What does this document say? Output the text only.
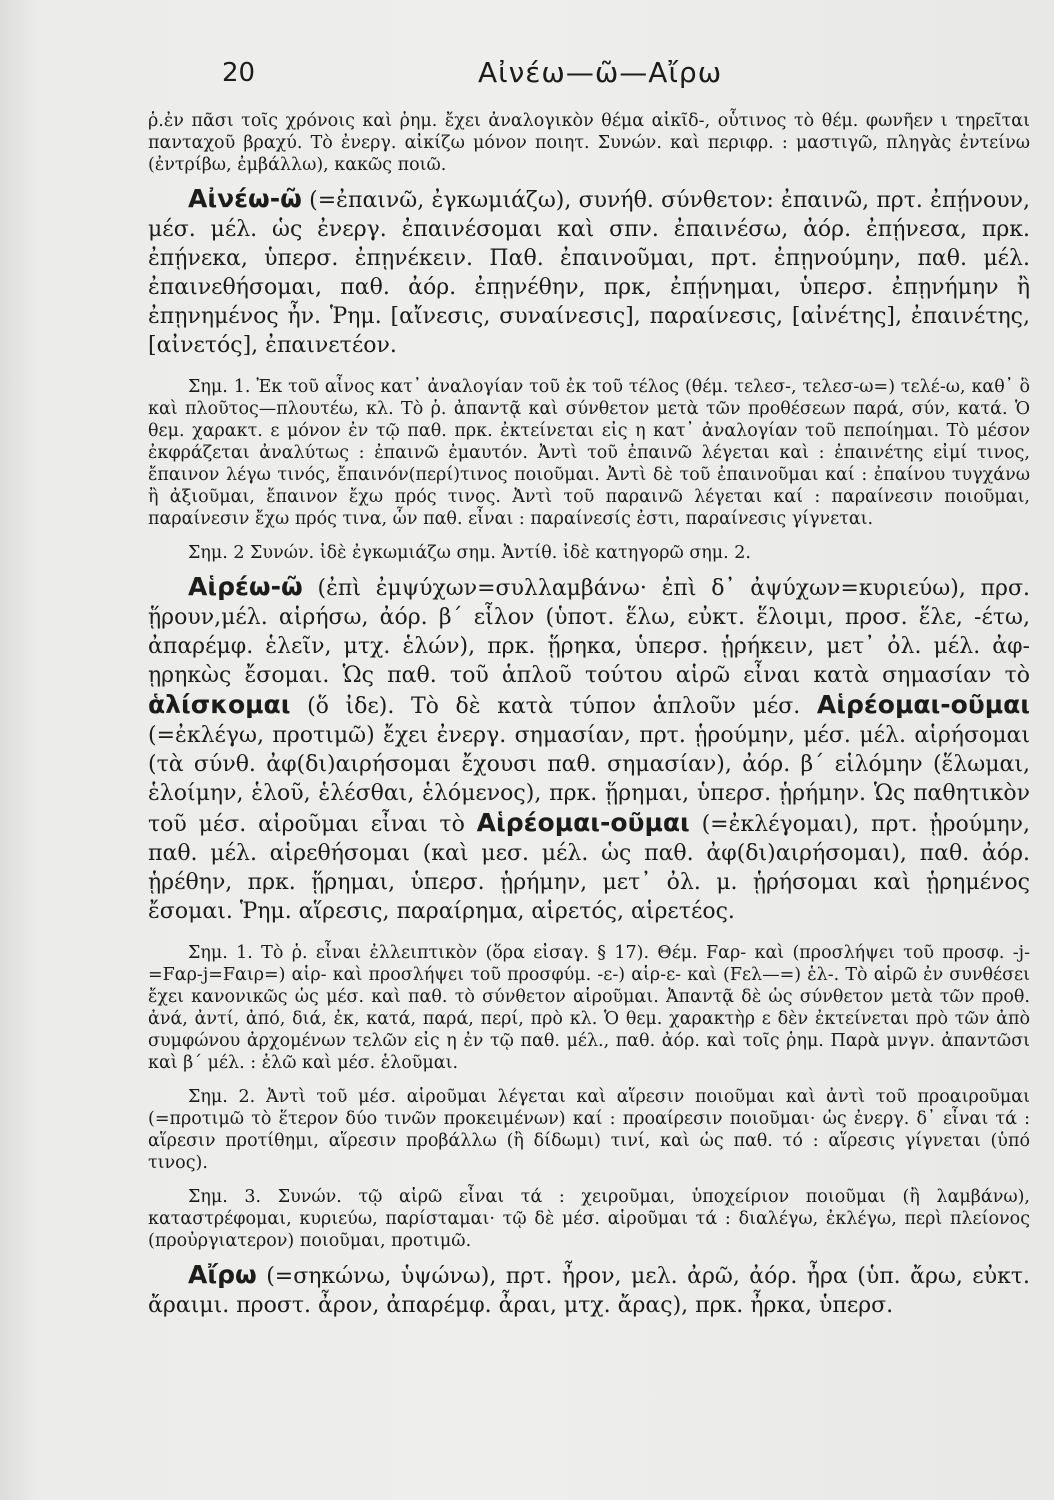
20	Αἰνέω—ῶ—Αἴρω

ῥ.ἐν πᾶσι τοῖς χρόνοις καὶ ῥημ. ἔχει ἀναλογικὸν θέμα αἰκῖδ-, οὗτινος τὸ θέμ. φωνῆεν ι τηρεῖται πανταχοῦ βραχύ. Τὸ ἐνεργ. αἰκίζω μόνον ποιητ. Συνών. καὶ περιφρ. : μαστιγῶ, πληγὰς ἐντείνω (ἐντρίβω, ἐμβάλλω), κακῶς ποιῶ.

Αἰνέω-ῶ (=ἐπαινῶ, ἐγκωμιάζω), συνήθ. σύνθετον: ἐπαινῶ, πρτ. ἐπῄνουν, μέσ. μέλ. ὡς ἐνεργ. ἐπαινέσομαι καὶ σπν. ἐπαινέσω, ἀόρ. ἐπῄνεσα, πρκ. ἐπῄνεκα, ὑπερσ. ἐπῃνέκειν. Παθ. ἐπαινοῦμαι, πρτ. ἐπῃνούμην, παθ. μέλ. ἐπαινεθήσομαι, παθ. ἀόρ. ἐπῃνέθην, πρκ, ἐπῄνημαι, ὑπερσ. ἐπῃνήμην ἢ ἐπῃνημένος ἦν. Ῥημ. [αἴνεσις, συναίνεσις], παραίνεσις, [αἰνέτης], ἐπαινέτης, [αἰνετός], ἐπαινετέον.

Σημ. 1. Ἐκ τοῦ αἶνος κατ᾽ ἀναλογίαν τοῦ ἐκ τοῦ τέλος (θέμ. τελεσ-, τελεσ-ω=) τελέ-ω, καθ᾽ ὃ καὶ πλοῦτος—πλουτέω, κλ. Τὸ ῥ. ἀπαντᾷ καὶ σύνθετον μετὰ τῶν προθέσεων παρά, σύν, κατά. Ὁ θεμ. χαρακτ. ε μόνον ἐν τῷ παθ. πρκ. ἐκτείνεται εἰς η κατ᾽ ἀναλογίαν τοῦ πεποίημαι. Τὸ μέσον ἐκφράζεται ἀναλύτως : ἐπαινῶ ἐμαυτόν. Ἀντὶ τοῦ ἐπαινῶ λέγεται καὶ : ἐπαινέτης εἰμί τινος, ἔπαινον λέγω τινός, ἔπαινόν(περί)τινος ποιοῦμαι. Ἀντὶ δὲ τοῦ ἐπαινοῦμαι καί : ἐπαίνου τυγχάνω ἢ ἀξιοῦμαι, ἔπαινον ἔχω πρός τινος. Ἀντὶ τοῦ παραινῶ λέγεται καί : παραίνεσιν ποιοῦμαι, παραίνεσιν ἔχω πρός τινα, ὧν παθ. εἶναι : παραίνεσίς ἐστι, παραίνεσις γίγνεται.

Σημ. 2 Συνών. ἰδὲ ἐγκωμιάζω σημ. Ἀντίθ. ἰδὲ κατηγορῶ σημ. 2.

Αἱρέω-ῶ (ἐπὶ ἐμψύχων=συλλαμβάνω· ἐπὶ δ᾽ ἀψύχων=κυριεύω), πρσ. ᾕρουν,μέλ. αἱρήσω, ἀόρ. β΄ εἷλον (ὑποτ. ἕλω, εὐκτ. ἕλοιμι, προσ. ἕλε, -έτω, ἀπαρέμφ. ἑλεῖν, μτχ. ἑλών), πρκ. ᾕρηκα, ὑπερσ. ᾑρήκειν, μετ᾽ ὀλ. μέλ. ἀφ-ῃρηκὼς ἔσομαι. Ὡς παθ. τοῦ ἁπλοῦ τούτου αἱρῶ εἶναι κατὰ σημασίαν τὸ ἁλίσκομαι (ὅ ἰδε). Τὸ δὲ κατὰ τύπον ἁπλοῦν μέσ. Αἱρέομαι-οῦμαι (=ἐκλέγω, προτιμῶ) ἔχει ἐνεργ. σημασίαν, πρτ. ᾑρούμην, μέσ. μέλ. αἱρήσομαι (τὰ σύνθ. ἀφ(δι)αιρήσομαι ἔχουσι παθ. σημασίαν), ἀόρ. β΄ εἱλόμην (ἕλωμαι, ἑλοίμην, ἑλοῦ, ἑλέσθαι, ἑλόμενος), πρκ. ᾕρημαι, ὑπερσ. ᾑρήμην. Ὡς παθητικὸν τοῦ μέσ. αἱροῦμαι εἶναι τὸ Αἱρέομαι-οῦμαι (=ἐκλέγομαι), πρτ. ᾑρούμην, παθ. μέλ. αἱρεθήσομαι (καὶ μεσ. μέλ. ὡς παθ. ἀφ(δι)αιρήσομαι), παθ. ἀόρ. ᾑρέθην, πρκ. ᾕρημαι, ὑπερσ. ᾑρήμην, μετ᾽ ὀλ. μ. ᾑρήσομαι καὶ ᾑρημένος ἔσομαι. Ῥημ. αἵρεσις, παραίρημα, αἱρετός, αἱρετέος.

Σημ. 1. Τὸ ῥ. εἶναι ἐλλειπτικὸν (ὅρα εἰσαγ. § 17). Θέμ. Fαρ- καὶ (προσλήψει τοῦ προσφ. -j-=Fαρ-j=Fαιρ=) αἱρ- καὶ προσλήψει τοῦ προσφύμ. -ε-) αἱρ-ε- καὶ (Fελ—=) ἑλ-. Τὸ αἱρῶ ἐν συνθέσει ἔχει κανονικῶς ὡς μέσ. καὶ παθ. τὸ σύνθετον αἱροῦμαι. Ἀπαντᾷ δὲ ὡς σύνθετον μετὰ τῶν προθ. ἀνά, ἀντί, ἀπό, διά, ἐκ, κατά, παρά, περί, πρὸ κλ. Ὁ θεμ. χαρακτὴρ ε δὲν ἐκτείνεται πρὸ τῶν ἀπὸ συμφώνου ἀρχομένων τελῶν εἰς η ἐν τῷ παθ. μέλ., παθ. ἀόρ. καὶ τοῖς ῥημ. Παρὰ μνγν. ἀπαντῶσι καὶ β΄ μέλ. : ἑλῶ καὶ μέσ. ἑλοῦμαι.

Σημ. 2. Ἀντὶ τοῦ μέσ. αἱροῦμαι λέγεται καὶ αἵρεσιν ποιοῦμαι καὶ ἀντὶ τοῦ προαιροῦμαι (=προτιμῶ τὸ ἕτερον δύο τινῶν προκειμένων) καί : προαίρεσιν ποιοῦμαι· ὡς ἐνεργ. δ᾽ εἶναι τά : αἵρεσιν προτίθημι, αἵρεσιν προβάλλω (ἢ δίδωμι) τινί, καὶ ὡς παθ. τό : αἵρεσις γίγνεται (ὑπό τινος).

Σημ. 3. Συνών. τῷ αἱρῶ εἶναι τά : χειροῦμαι, ὑποχείριον ποιοῦμαι (ἢ λαμβάνω), καταστρέφομαι, κυριεύω, παρίσταμαι· τῷ δὲ μέσ. αἱροῦμαι τά : διαλέγω, ἐκλέγω, περὶ πλείονος (προὐργιατερον) ποιοῦμαι, προτιμῶ.

Αἴρω (=σηκώνω, ὑψώνω), πρτ. ἦρον, μελ. ἀρῶ, ἀόρ. ἦρα (ὑπ. ἄρω, εὐκτ. ἄραιμι. προστ. ἆρον, ἀπαρέμφ. ἆραι, μτχ. ἄρας), πρκ. ἦρκα, ὑπερσ.
